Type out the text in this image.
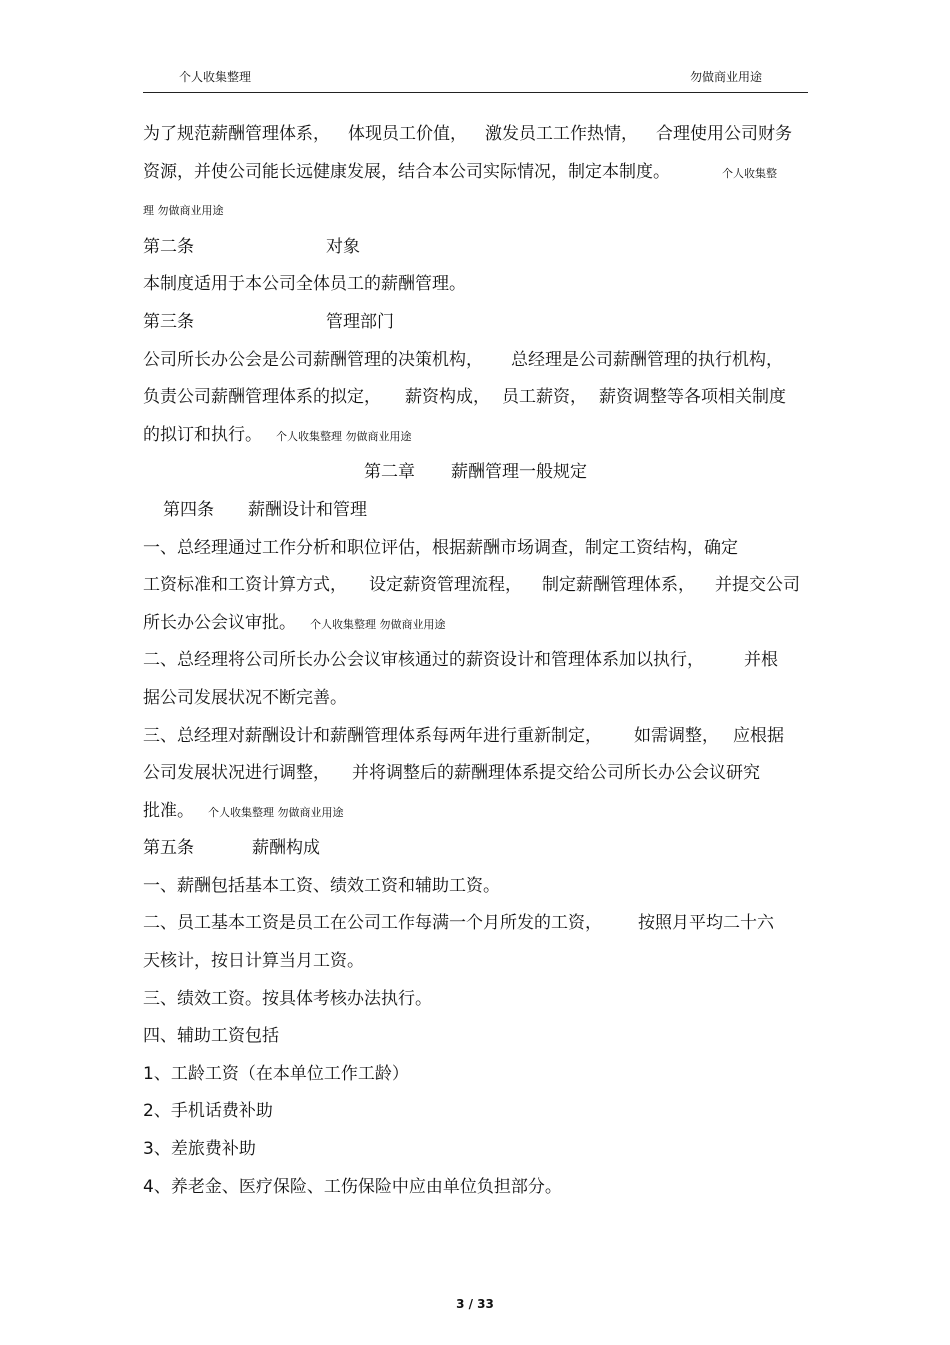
个人收集整理	勿做商业用途
为了规范薪酬管理体系， 体现员工价值， 激发员工工作热情， 合理使用公司财务
资源，并使公司能长远健康发展，结合本公司实际情况，制定本制度。	个人收集整
理 勿做商业用途
第二条	对象
本制度适用于本公司全体员工的薪酬管理。
第三条	管理部门
公司所长办公会是公司薪酬管理的决策机构， 总经理是公司薪酬管理的执行机构，
负责公司薪酬管理体系的拟定， 薪资构成， 员工薪资， 薪资调整等各项相关制度
的拟订和执行。 个人收集整理 勿做商业用途
第二章 薪酬管理一般规定
第四条 薪酬设计和管理
一、总经理通过工作分析和职位评估，根据薪酬市场调查，制定工资结构，确定
工资标准和工资计算方式， 设定薪资管理流程， 制定薪酬管理体系， 并提交公司
所长办公会议审批。 个人收集整理 勿做商业用途
二、总经理将公司所长办公会议审核通过的薪资设计和管理体系加以执行， 并根
据公司发展状况不断完善。
三、总经理对薪酬设计和薪酬管理体系每两年进行重新制定， 如需调整， 应根据
公司发展状况进行调整， 并将调整后的薪酬理体系提交给公司所长办公会议研究
批准。 个人收集整理 勿做商业用途
第五条	薪酬构成
一、薪酬包括基本工资、绩效工资和辅助工资。
二、员工基本工资是员工在公司工作每满一个月所发的工资， 按照月平均二十六
天核计，按日计算当月工资。
三、绩效工资。按具体考核办法执行。
四、辅助工资包括
1、工龄工资（在本单位工作工龄）
2、手机话费补助
3、差旅费补助
4、养老金、医疗保险、工伤保险中应由单位负担部分。
3 / 33
